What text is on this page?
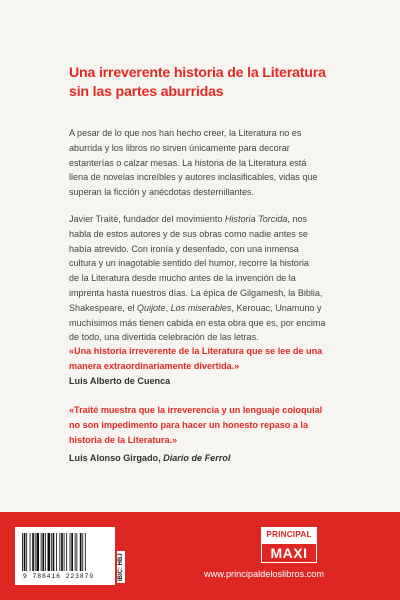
Una irreverente historia de la Literatura
sin las partes aburridas

A pesar de lo que nos han hecho creer, la Literatura no es
aburrida y los libros no sirven únicamente para decorar
estanterías o calzar mesas. La historia de la Literatura está
llena de novelas increíbles y autores inclasificables, vidas que
superan la ficción y anécdotas desternillantes.

Javier Traité, fundador del movimiento Historia Torcida, nos
habla de estos autores y de sus obras como nadie antes se
había atrevido. Con ironía y desenfado, con una inmensa
cultura y un inagotable sentido del humor, recorre la historia
de la Literatura desde mucho antes de la invención de la
imprenta hasta nuestros días. La épica de Gilgamesh, la Biblia,
Shakespeare, el Quijote, Los miserables, Kerouac, Unamuno y
muchísimos más tienen cabida en esta obra que es, por encima
de todo, una divertida celebración de las letras.

«Una historia irreverente de la Literatura que se lee de una
manera extraordinariamente divertida.»

Luis Alberto de Cuenca

«Traité muestra que la irreverencia y un lenguaje coloquial
no son impedimento para hacer un honesto repaso a la
historia de la Literatura.»

Luis Alonso Girgado, Diario de Ferrol

9 788416 223879	IBIC: HBJ
PRINCIPAL
MAXI
www.principaldeloslibros.com
